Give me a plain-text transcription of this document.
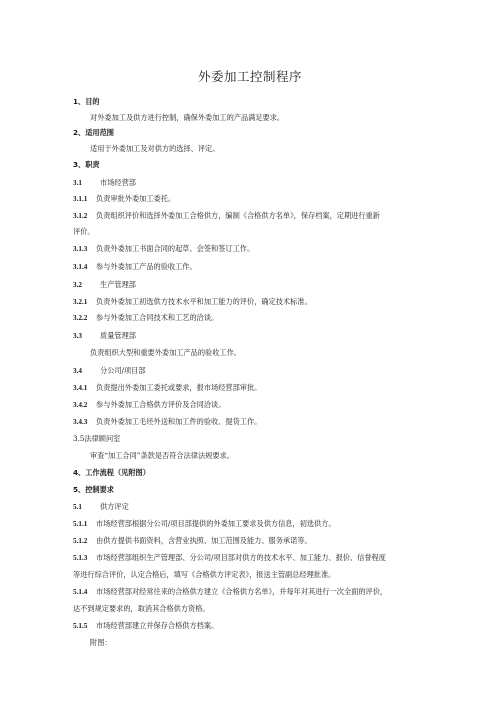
外委加工控制程序
1、目的
对外委加工及供方进行控制，确保外委加工的产品满足要求。
2、适用范围
适用于外委加工及对供方的选择、评定。
3、职责
3.1	市场经营部
3.1.1 负责审批外委加工委托。
3.1.2 负责组织评价和选择外委加工合格供方，编制《合格供方名单》，保存档案，定期进行重新
评价。
3.1.3 负责外委加工书面合同的起草、会签和签订工作。
3.1.4 参与外委加工产品的验收工作。
3.2	生产管理部
3.2.1 负责外委加工初选供方技术水平和加工能力的评价，确定技术标准。
3.2.2 参与外委加工合同技术和工艺的洽谈。
3.3	质量管理部
负责组织大型和重要外委加工产品的验收工作。
3.4	分公司/项目部
3.4.1 负责提出外委加工委托或要求，报市场经营部审批。
3.4.2 参与外委加工合格供方评价及合同洽谈。
3.4.3 负责外委加工毛坯外送和加工件的验收、提货工作。
3.5法律顾问室
审查“加工合同”条款是否符合法律法规要求。
4、工作流程（见附图）
5、控制要求
5.1	供方评定
5.1.1 市场经营部根据分公司/项目部提供的外委加工要求及供方信息，初选供方。
5.1.2 由供方提供书面资料，含营业执照、加工范围及能力、服务承诺等。
5.1.3 市场经营部组织生产管理部、分公司/项目部对供方的技术水平、加工能力、报价、信誉程度
等进行综合评价，认定合格后，填写《合格供方评定表》，报送主管副总经理批准。
5.1.4 市场经营部对经常往来的合格供方建立《合格供方名单》，并每年对其进行一次全面的评价，
达不到规定要求的，取消其合格供方资格。
5.1.5 市场经营部建立并保存合格供方档案。
附图：
